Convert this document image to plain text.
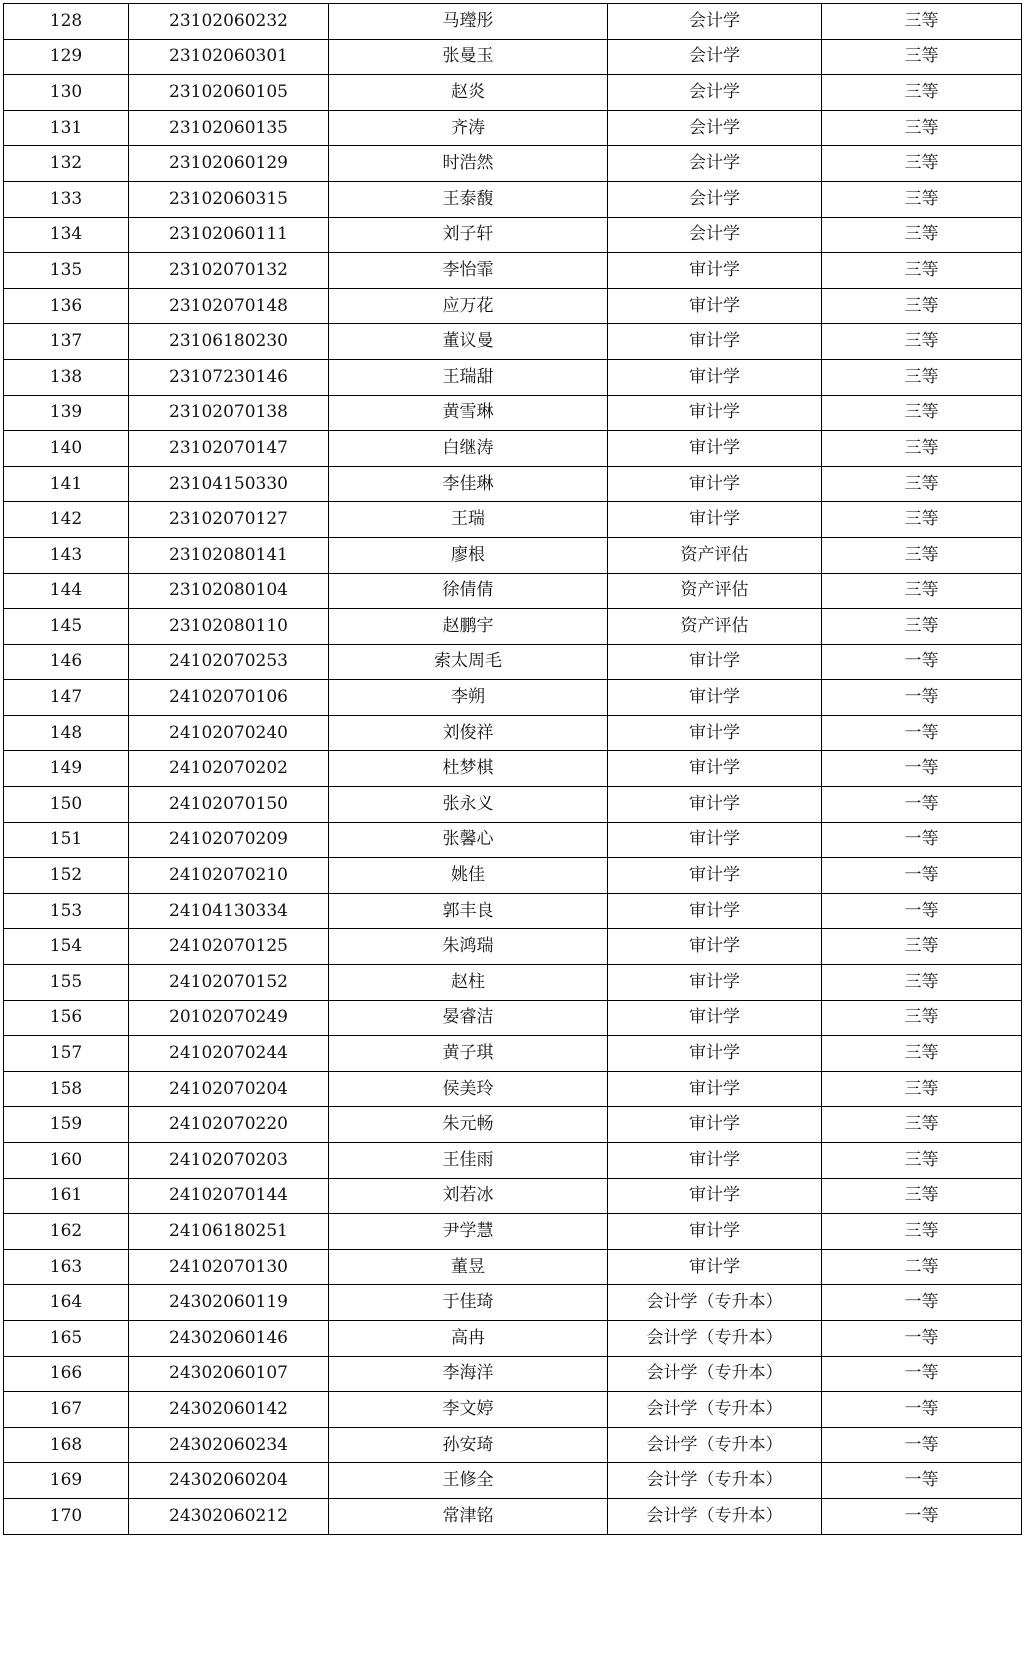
128	23102060232	马㼆彤	会计学	三等
129	23102060301	张曼玉	会计学	三等
130	23102060105	赵炎	会计学	三等
131	23102060135	齐涛	会计学	三等
132	23102060129	时浩然	会计学	三等
133	23102060315	王泰馥	会计学	三等
134	23102060111	刘子轩	会计学	三等
135	23102070132	李怡霏	审计学	三等
136	23102070148	应万花	审计学	三等
137	23106180230	董议曼	审计学	三等
138	23107230146	王瑞甜	审计学	三等
139	23102070138	黄雪琳	审计学	三等
140	23102070147	白继涛	审计学	三等
141	23104150330	李佳琳	审计学	三等
142	23102070127	王瑞	审计学	三等
143	23102080141	廖根	资产评估	三等
144	23102080104	徐倩倩	资产评估	三等
145	23102080110	赵鹏宇	资产评估	三等
146	24102070253	索太周毛	审计学	一等
147	24102070106	李朔	审计学	一等
148	24102070240	刘俊祥	审计学	一等
149	24102070202	杜梦棋	审计学	一等
150	24102070150	张永义	审计学	一等
151	24102070209	张馨心	审计学	一等
152	24102070210	姚佳	审计学	一等
153	24104130334	郭丰良	审计学	一等
154	24102070125	朱鸿瑞	审计学	三等
155	24102070152	赵柱	审计学	三等
156	20102070249	晏睿洁	审计学	三等
157	24102070244	黄子琪	审计学	三等
158	24102070204	侯美玲	审计学	三等
159	24102070220	朱元畅	审计学	三等
160	24102070203	王佳雨	审计学	三等
161	24102070144	刘若冰	审计学	三等
162	24106180251	尹学慧	审计学	三等
163	24102070130	董昱	审计学	二等
164	24302060119	于佳琦	会计学（专升本）	一等
165	24302060146	高冉	会计学（专升本）	一等
166	24302060107	李海洋	会计学（专升本）	一等
167	24302060142	李文婷	会计学（专升本）	一等
168	24302060234	孙安琦	会计学（专升本）	一等
169	24302060204	王修全	会计学（专升本）	一等
170	24302060212	常津铭	会计学（专升本）	一等
